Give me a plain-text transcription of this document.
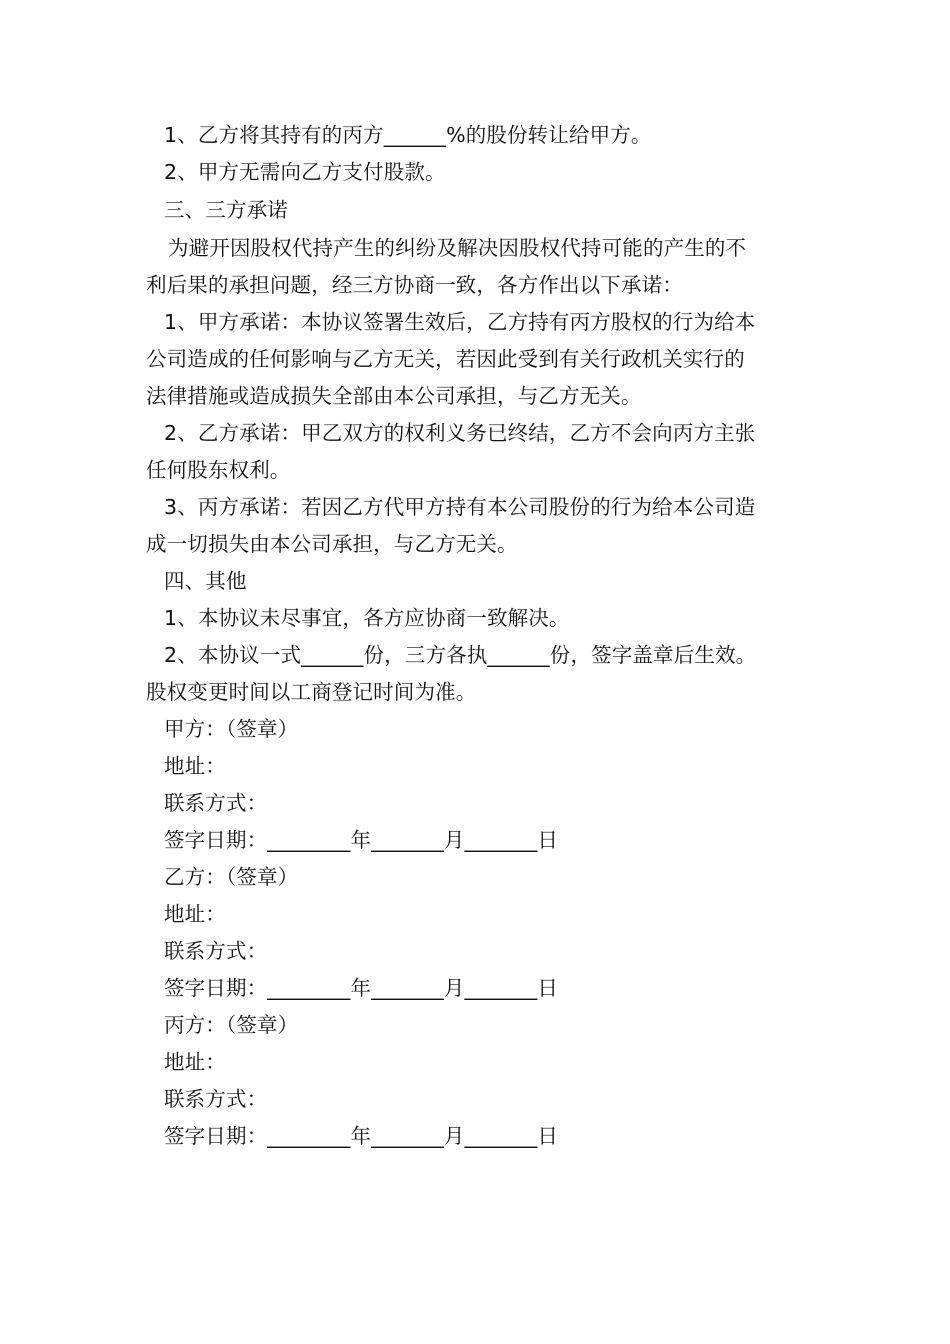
1、乙方将其持有的丙方______%的股份转让给甲方。
2、甲方无需向乙方支付股款。
三、三方承诺
为避开因股权代持产生的纠纷及解决因股权代持可能的产生的不
利后果的承担问题，经三方协商一致，各方作出以下承诺：
1、甲方承诺：本协议签署生效后，乙方持有丙方股权的行为给本
公司造成的任何影响与乙方无关，若因此受到有关行政机关实行的
法律措施或造成损失全部由本公司承担，与乙方无关。
2、乙方承诺：甲乙双方的权利义务已终结，乙方不会向丙方主张
任何股东权利。
3、丙方承诺：若因乙方代甲方持有本公司股份的行为给本公司造
成一切损失由本公司承担，与乙方无关。
四、其他
1、本协议未尽事宜，各方应协商一致解决。
2、本协议一式______份，三方各执______份，签字盖章后生效。
股权变更时间以工商登记时间为准。
甲方：（签章）
地址：
联系方式：
签字日期：________年_______月_______日
乙方：（签章）
地址：
联系方式：
签字日期：________年_______月_______日
丙方：（签章）
地址：
联系方式：
签字日期：________年_______月_______日
